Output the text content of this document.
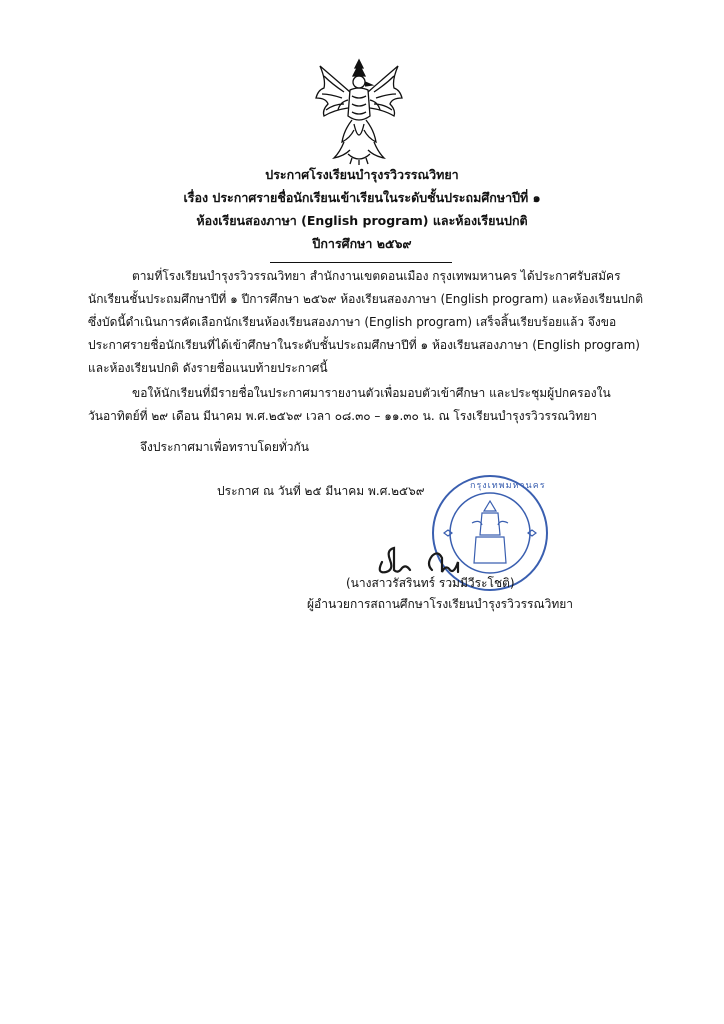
ประกาศโรงเรียนบำรุงรวิวรรณวิทยา
เรื่อง ประกาศรายชื่อนักเรียนเข้าเรียนในระดับชั้นประถมศึกษาปีที่ ๑
ห้องเรียนสองภาษา (English program) และห้องเรียนปกติ
ปีการศึกษา ๒๕๖๙
ตามที่โรงเรียนบำรุงรวิวรรณวิทยา สำนักงานเขตดอนเมือง กรุงเทพมหานคร ได้ประกาศรับสมัคร
นักเรียนชั้นประถมศึกษาปีที่ ๑ ปีการศึกษา ๒๕๖๙ ห้องเรียนสองภาษา (English program) และห้องเรียนปกติ
ซึ่งบัดนี้ดำเนินการคัดเลือกนักเรียนห้องเรียนสองภาษา (English program) เสร็จสิ้นเรียบร้อยแล้ว จึงขอ
ประกาศรายชื่อนักเรียนที่ได้เข้าศึกษาในระดับชั้นประถมศึกษาปีที่ ๑ ห้องเรียนสองภาษา (English program)
และห้องเรียนปกติ ดังรายชื่อแนบท้ายประกาศนี้
ขอให้นักเรียนที่มีรายชื่อในประกาศมารายงานตัวเพื่อมอบตัวเข้าศึกษา และประชุมผู้ปกครองใน
วันอาทิตย์ที่ ๒๙ เดือน มีนาคม พ.ศ.๒๕๖๙ เวลา ๐๘.๓๐ – ๑๑.๓๐ น. ณ โรงเรียนบำรุงรวิวรรณวิทยา
จึงประกาศมาเพื่อทราบโดยทั่วกัน
ประกาศ ณ วันที่ ๒๕ มีนาคม พ.ศ.๒๕๖๙	กรุงเทพมหานคร
(นางสาวรัสรินทร์ รวมมีวีระโชติ)
ผู้อำนวยการสถานศึกษาโรงเรียนบำรุงรวิวรรณวิทยา
